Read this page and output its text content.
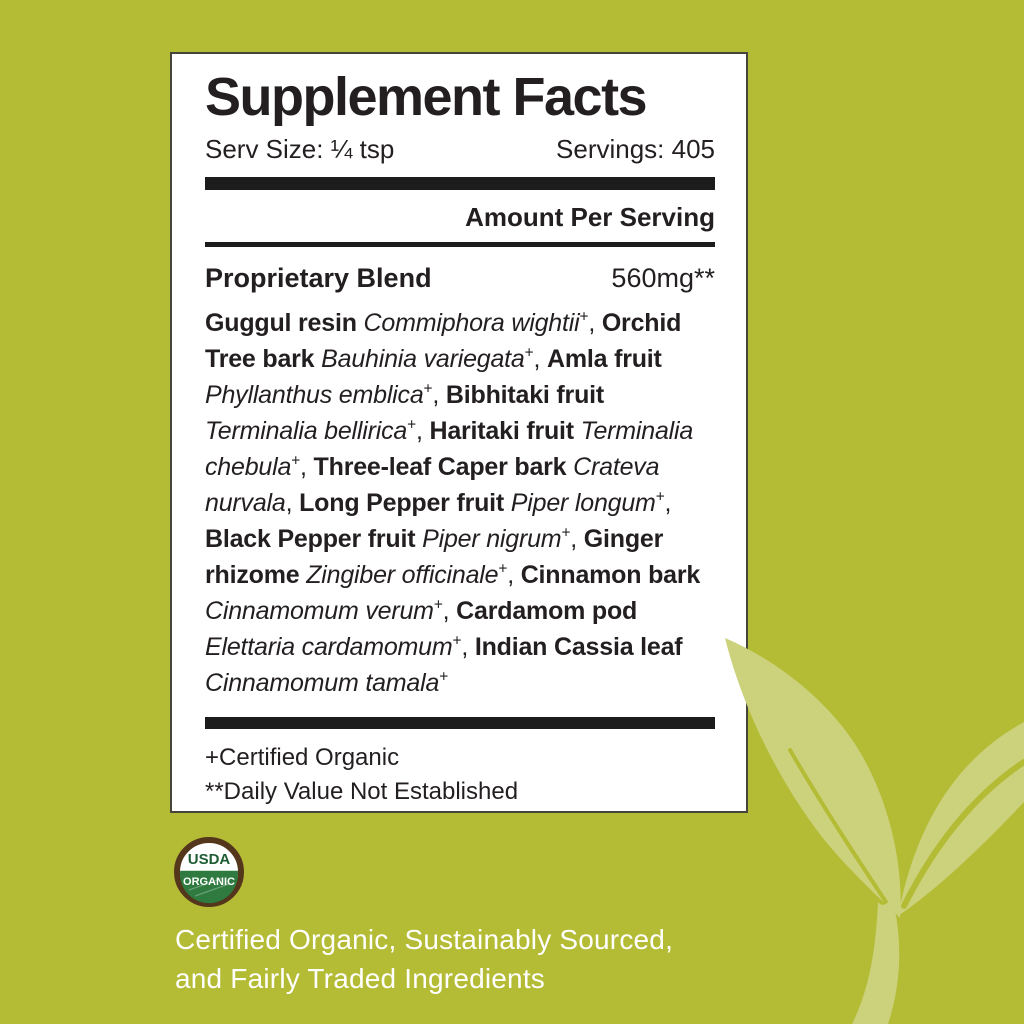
Supplement Facts
Serv Size: ¼ tsp	Servings: 405
Amount Per Serving
Proprietary Blend	560mg**
Guggul resin Commiphora wightii+, Orchid Tree bark Bauhinia variegata+, Amla fruit Phyllanthus emblica+, Bibhitaki fruit Terminalia bellirica+, Haritaki fruit Terminalia chebula+, Three-leaf Caper bark Crateva nurvala, Long Pepper fruit Piper longum+, Black Pepper fruit Piper nigrum+, Ginger rhizome Zingiber officinale+, Cinnamon bark Cinnamomum verum+, Cardamom pod Elettaria cardamomum+, Indian Cassia leaf Cinnamomum tamala+
+Certified Organic
**Daily Value Not Established
USDA
ORGANIC
Certified Organic, Sustainably Sourced,
and Fairly Traded Ingredients
